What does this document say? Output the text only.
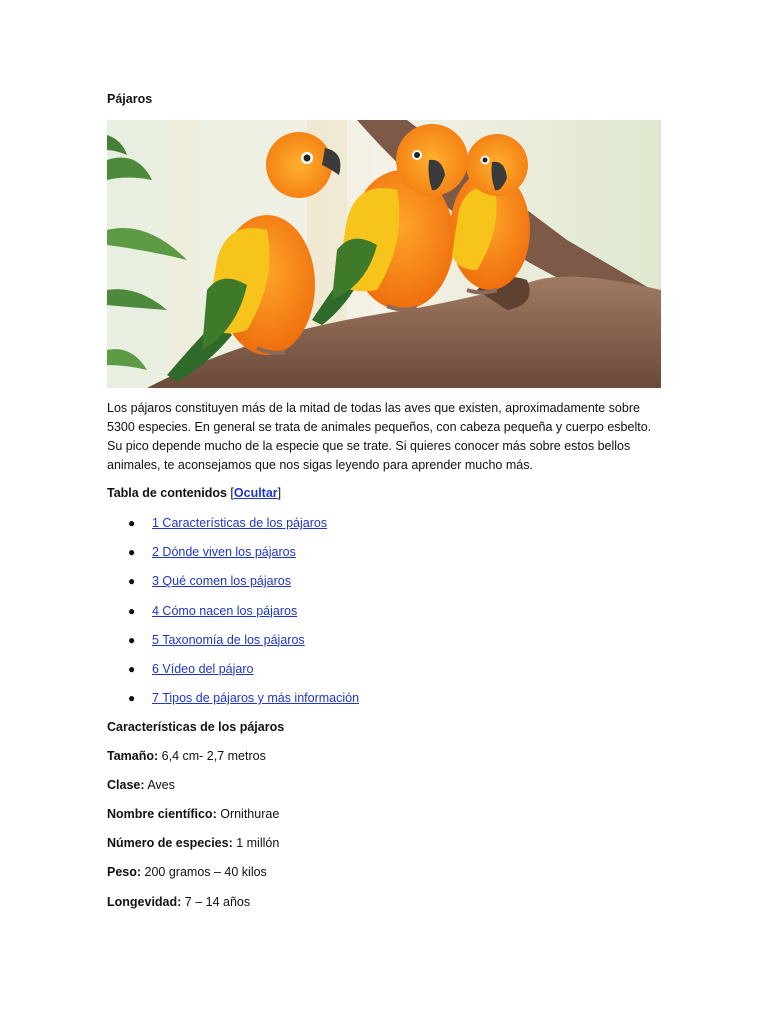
Pájaros

Los pájaros constituyen más de la mitad de todas las aves que existen, aproximadamente sobre 5300 especies. En general se trata de animales pequeños, con cabeza pequeña y cuerpo esbelto. Su pico depende mucho de la especie que se trate. Si quieres conocer más sobre estos bellos animales, te aconsejamos que nos sigas leyendo para aprender mucho más.

Tabla de contenidos [Ocultar]
● 1 Características de los pájaros
● 2 Dónde viven los pájaros
● 3 Qué comen los pájaros
● 4 Cómo nacen los pájaros
● 5 Taxonomía de los pájaros
● 6 Vídeo del pájaro
● 7 Tipos de pájaros y más información
Características de los pájaros
Tamaño: 6,4 cm- 2,7 metros
Clase: Aves
Nombre científico: Ornithurae
Número de especies: 1 millón
Peso: 200 gramos – 40 kilos
Longevidad: 7 – 14 años
